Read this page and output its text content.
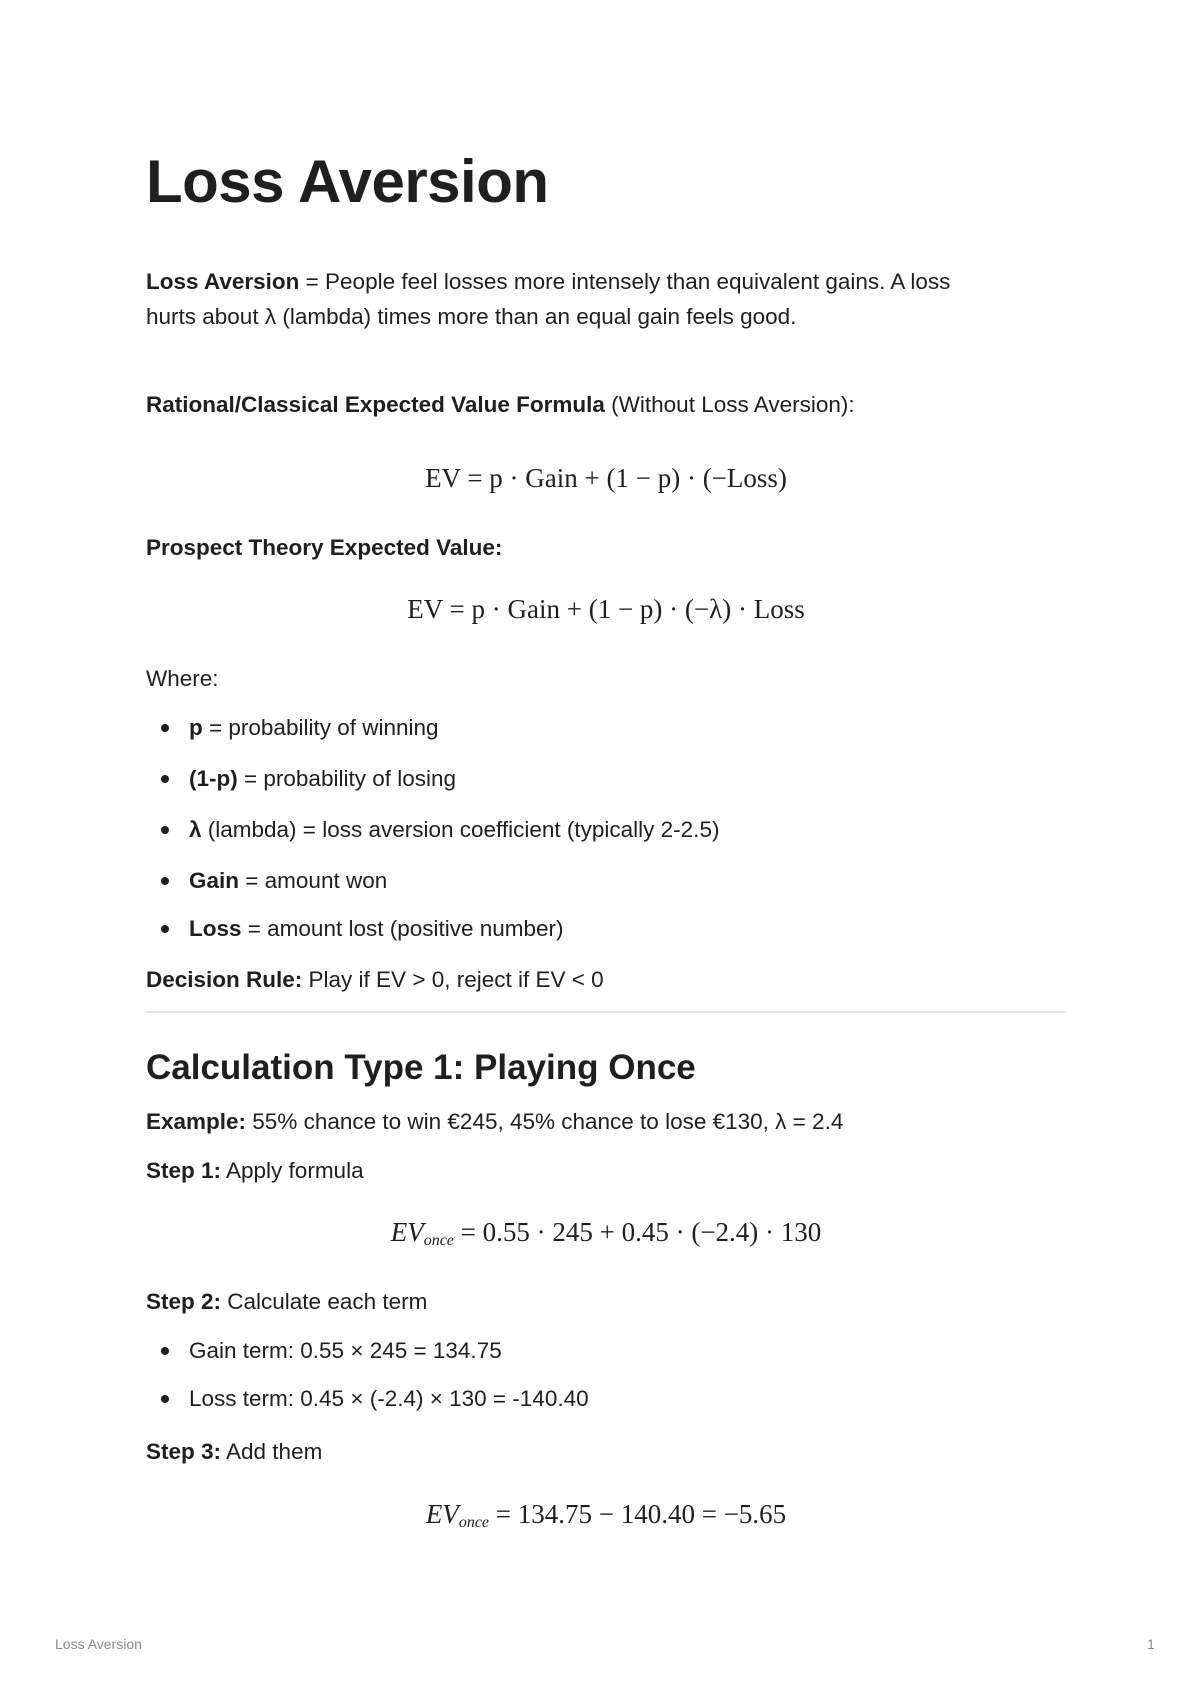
Loss Aversion

Loss Aversion = People feel losses more intensely than equivalent gains. A loss
hurts about λ (lambda) times more than an equal gain feels good.

Rational/Classical Expected Value Formula (Without Loss Aversion):

EV = p · Gain + (1 − p) · (−Loss)

Prospect Theory Expected Value:

EV = p · Gain + (1 − p) · (−λ) · Loss

Where:

p = probability of winning
(1-p) = probability of losing
λ (lambda) = loss aversion coefficient (typically 2-2.5)
Gain = amount won
Loss = amount lost (positive number)

Decision Rule: Play if EV > 0, reject if EV < 0

Calculation Type 1: Playing Once

Example: 55% chance to win €245, 45% chance to lose €130, λ = 2.4

Step 1: Apply formula

$EV_{once} = 0.55 \cdot 245 + 0.45 \cdot (-2.4) \cdot 130$

Step 2: Calculate each term

Gain term: 0.55 × 245 = 134.75
Loss term: 0.45 × (-2.4) × 130 = -140.40

Step 3: Add them

$EV_{once} = 134.75 - 140.40 = -5.65$
Loss Aversion	1
